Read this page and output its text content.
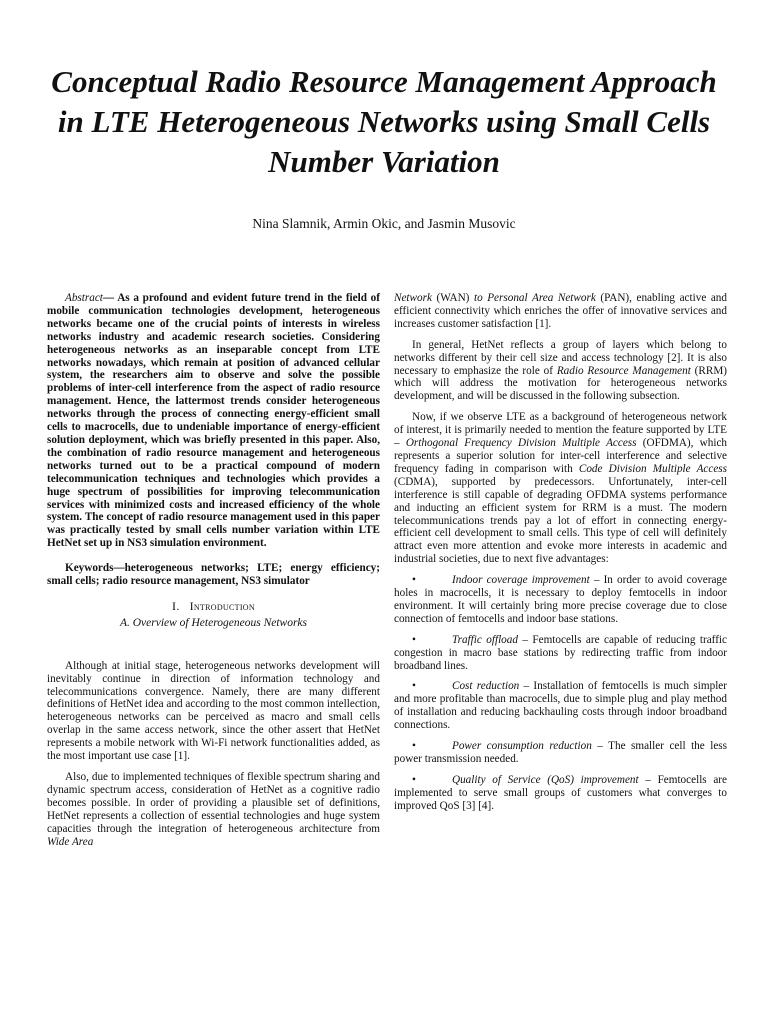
Conceptual Radio Resource Management Approach
in LTE Heterogeneous Networks using Small Cells
Number Variation

Nina Slamnik, Armin Okic, and Jasmin Musovic

Abstract— As a profound and evident future trend in the field of mobile communication technologies development, heterogeneous networks became one of the crucial points of interests in wireless networks industry and academic research societies. Considering heterogeneous networks as an inseparable concept from LTE networks nowadays, which remain at position of advanced cellular system, the researchers aim to observe and solve the possible problems of inter-cell interference from the aspect of radio resource management. Hence, the lattermost trends consider heterogeneous networks through the process of connecting energy-efficient small cells to macrocells, due to undeniable importance of energy-efficient solution deployment, which was briefly presented in this paper. Also, the combination of radio resource management and heterogeneous networks turned out to be a practical compound of modern telecommunication techniques and technologies which provides a huge spectrum of possibilities for improving telecommunication services with minimized costs and increased efficiency of the whole system. The concept of radio resource management used in this paper was practically tested by small cells number variation within LTE HetNet set up in NS3 simulation environment.

Keywords—heterogeneous networks; LTE; energy efficiency; small cells; radio resource management, NS3 simulator

I. Introduction
A. Overview of Heterogeneous Networks

Although at initial stage, heterogeneous networks development will inevitably continue in direction of information technology and telecommunications convergence. Namely, there are many different definitions of HetNet idea and according to the most common intellection, heterogeneous networks can be perceived as macro and small cells overlap in the same access network, since the other assert that HetNet represents a mobile network with Wi-Fi network functionalities added, as the most important use case [1].

Also, due to implemented techniques of flexible spectrum sharing and dynamic spectrum access, consideration of HetNet as a cognitive radio becomes possible. In order of providing a plausible set of definitions, HetNet represents a collection of essential technologies and huge system capacities through the integration of heterogeneous architecture from Wide Area

Network (WAN) to Personal Area Network (PAN), enabling active and efficient connectivity which enriches the offer of innovative services and increases customer satisfaction [1].

In general, HetNet reflects a group of layers which belong to networks different by their cell size and access technology [2]. It is also necessary to emphasize the role of Radio Resource Management (RRM) which will address the motivation for heterogeneous networks development, and will be discussed in the following subsection.

Now, if we observe LTE as a background of heterogeneous network of interest, it is primarily needed to mention the feature supported by LTE – Orthogonal Frequency Division Multiple Access (OFDMA), which represents a superior solution for inter-cell interference and selective frequency fading in comparison with Code Division Multiple Access (CDMA), supported by predecessors. Unfortunately, inter-cell interference is still capable of degrading OFDMA systems performance and inducting an efficient system for RRM is a must. The modern telecommunications trends pay a lot of effort in connecting energy-efficient cell development to small cells. This type of cell will definitely attract even more attention and evoke more interests in academic and industrial societies, due to next five advantages:

•	Indoor coverage improvement – In order to avoid coverage holes in macrocells, it is necessary to deploy femtocells in indoor environment. It will certainly bring more precise coverage due to close connection of femtocells and indoor base stations.

•	Traffic offload – Femtocells are capable of reducing traffic congestion in macro base stations by redirecting traffic from indoor broadband lines.

•	Cost reduction – Installation of femtocells is much simpler and more profitable than macrocells, due to simple plug and play method of installation and reducing backhauling costs through indoor broadband connections.

•	Power consumption reduction – The smaller cell the less power transmission needed.

•	Quality of Service (QoS) improvement – Femtocells are implemented to serve small groups of customers what converges to improved QoS [3] [4].
